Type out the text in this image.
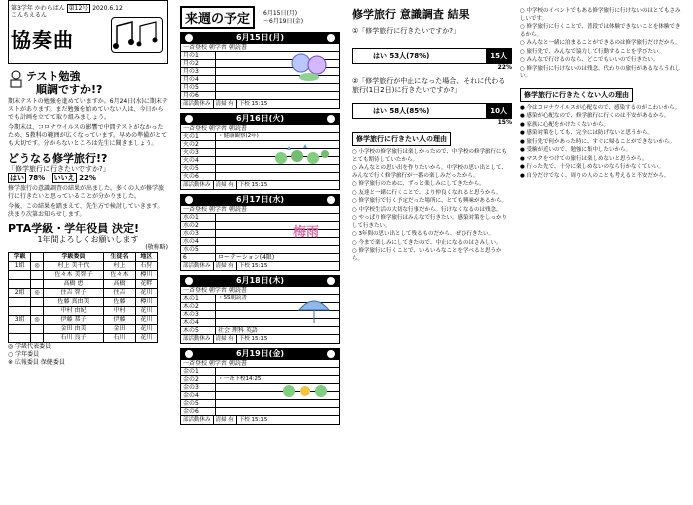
第3学年 かわらばん 第12号 2020.6.12
こんちえるん
協奏曲
テスト勉強
順調ですか!?
期末テストの勉強を進めていますか。6月24日(水)に期末テストがあります。まだ勉強を始めていない人は、今日からでも計画を立てて取り組みましょう。
今期末は、コロナウイルスの影響で中間テストがなかったため、5教科の範囲が広くなっています。早めの準備がとても大切です。分からないところは先生に聞きましょう。
どうなる修学旅行!?
「修学旅行に行きたいですか?」
はい 78% いいえ 22%
修学旅行の意識調査の結果が出ました。多くの人が修学旅行に行きたいと思っていることが分かりました。
今後、この結果を踏まえて、先生方で検討していきます。決まり次第お知らせします。
PTA学級・学年役員 決定!
1年間よろしくお願いします
(敬称略)
学級		学級委員	生徒名	地区
1組	◎	村上 美千代	村上	石狩
		佐々木 美智子	佐々木	樽川
		高橋 恵	高橋	花畔
2組	◎	住吉 智子	住吉	花川
		佐藤 真由美	佐藤	樽川
		中村 由紀	中村	花川
3組	◎	伊藤 恭子	伊藤	花川
		金田 由美	金田	花川
		石川 良子	石川	花川
◎ 学級代表委員
○ 学年委員
※ 広報委員 保健委員
来週の予定	6月15日(月)
〜6月19日(金)
6月15日(月)
一斉登校 朝学習 朝読書
月の1
月の2
月の3
月の4
月の5
月の6
部活動休み 清掃 有 下校 15:15
6月16日(火)
一斉登校 朝学習 朝読書
火の1	・健康観察(2年)
火の2
火の3
火の4
火の5
火の6
部活動休み 清掃 有 下校 15:15
6月17日(水)
一斉登校 朝学習 朝読書
水の1
水の2
水の3
水の4
水の5
6	ローテーション(4限)
部活動休み 清掃 有 下校 15:15
梅雨
6月18日(木)
一斉登校 朝学習 朝読書
木の1	・SS朝読書
木の2
木の3
木の4
木の5	社会 理科 英語
部活動休み 清掃 有 下校 15:15
6月19日(金)
一斉登校 朝学習 朝読書
金の1
金の2	・一斉下校14:25
金の3
金の4
金の5
金の6
部活動休み 清掃 有 下校 15:15
修学旅行 意識調査 結果
①「修学旅行に行きたいですか?」
はい 53人(78%)	15人
22%
②「修学旅行が中止になった場合、それに代わる旅行(1日2日)に行きたいですか?」
はい 58人(85%)	10人
15%
修学旅行に行きたい人の理由
○ 小学校の修学旅行は楽しかったので、中学校の修学旅行にもとても期待していたから。
○ みんなとの思い出を作りたいから。中学校の思い出として、みんなで行く修学旅行が一番の楽しみだったから。
○ 修学旅行のために、ずっと楽しみにしてきたから。
○ 友達と一緒に行くことで、より仲良くなれると思うから。
○ 修学旅行で行く予定だった場所に、とても興味があるから。
○ 中学校生活の大切な行事だから。行けなくなるのは残念。
○ やっぱり修学旅行はみんなで行きたい。感染対策をしっかりして行きたい。
○ 3年間の思い出として残るものだから、ぜひ行きたい。
○ 今まで楽しみにしてきたので、中止になるのはさみしい。
○ 修学旅行に行くことで、いろいろなことを学べると思うから。
○ 中学校のイベントでもある修学旅行に行けないのはとてもさみしいです。
○ 修学旅行に行くことで、普段では体験できないことを体験できるから。
○ みんなと一緒に泊まることができるのは修学旅行だけだから。
○ 旅行先で、みんなで協力して行動することを学びたい。
○ みんなで行けるのなら、どこでもいいので行きたい。
○ 修学旅行に行けないのは残念。代わりの旅行があるならうれしい。
修学旅行に行きたくない人の理由
● 今はコロナウイルスが心配なので、感染するのがこわいから。
● 感染が心配なので、修学旅行に行くのは不安があるから。
● 家族に心配をかけたくないから。
● 感染対策をしても、完全には防げないと思うから。
● 旅行先で何かあった時に、すぐに帰ることができないから。
● 受験が近いので、勉強に集中したいから。
● マスクをつけての旅行は楽しめないと思うから。
● 行った先で、十分に楽しめないのなら行かなくていい。
● 自分だけでなく、周りの人のことも考えると不安だから。
